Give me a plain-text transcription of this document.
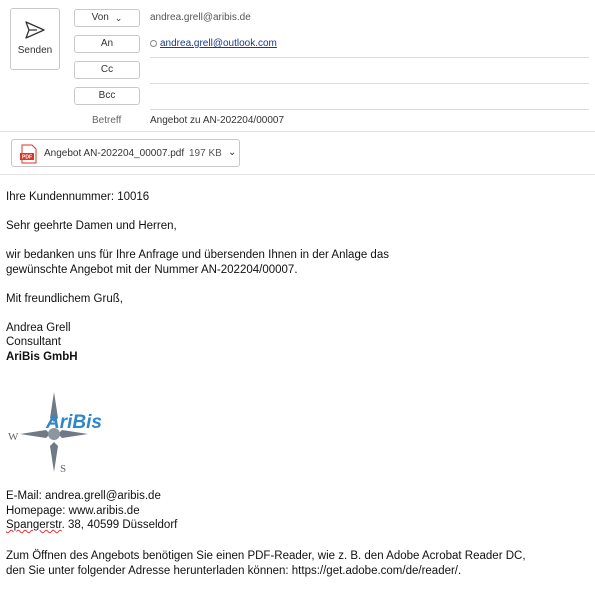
Senden
Von ⌄	andrea.grell@aribis.de
An	andrea.grell@outlook.com
Cc
Bcc
Betreff	Angebot zu AN-202204/00007
PDF Angebot AN-202204_00007.pdf 197 KB ⌄

Ihre Kundennummer: 10016

Sehr geehrte Damen und Herren,

wir bedanken uns für Ihre Anfrage und übersenden Ihnen in der Anlage das

gewünschte Angebot mit der Nummer AN-202204/00007.

Mit freundlichem Gruß,

Andrea Grell

Consultant

AriBis GmbH

W
S
AriBis
E-Mail: andrea.grell@aribis.de
Homepage: www.aribis.de
Spangerstr. 38, 40599 Düsseldorf
Zum Öffnen des Angebots benötigen Sie einen PDF-Reader, wie z. B. den Adobe Acrobat Reader DC,
den Sie unter folgender Adresse herunterladen können: https://get.adobe.com/de/reader/.
